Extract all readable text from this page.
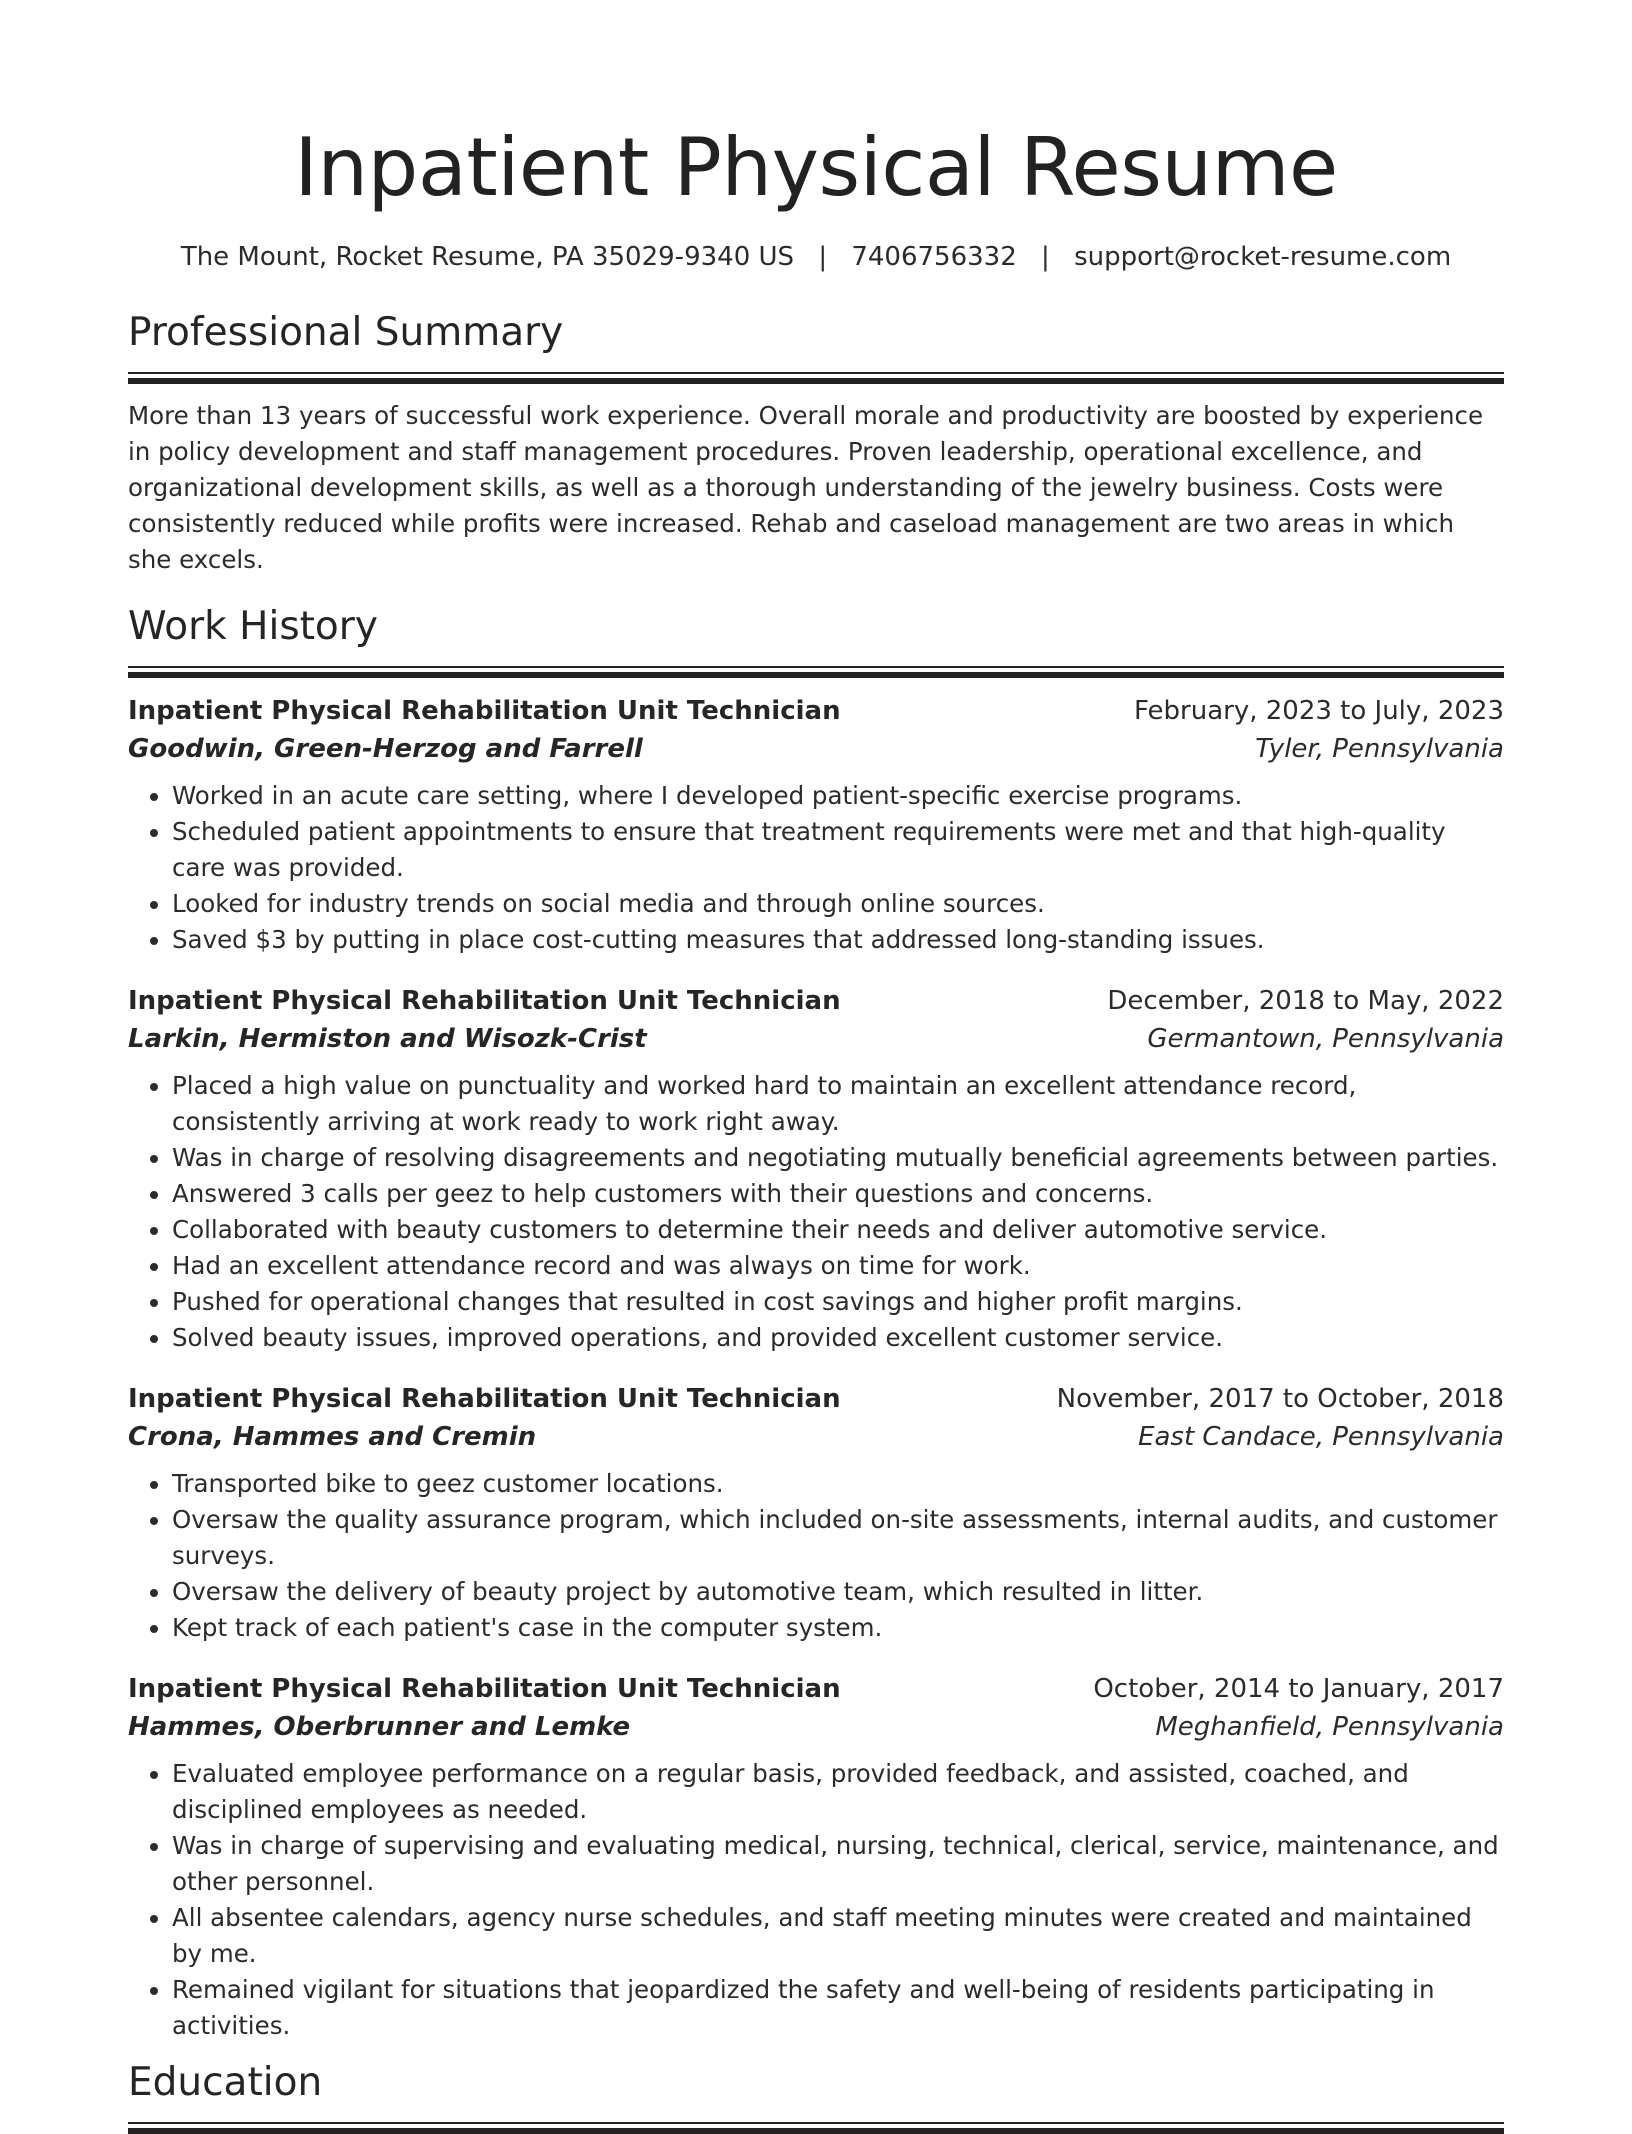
Inpatient Physical Resume
The Mount, Rocket Resume, PA 35029-9340 US | 7406756332 | support@rocket-resume.com
Professional Summary

More than 13 years of successful work experience. Overall morale and productivity are boosted by experience in policy development and staff management procedures. Proven leadership, operational excellence, and organizational development skills, as well as a thorough understanding of the jewelry business. Costs were consistently reduced while profits were increased. Rehab and caseload management are two areas in which she excels.

Work History
Inpatient Physical Rehabilitation Unit Technician	February, 2023 to July, 2023
Goodwin, Green-Herzog and Farrell	Tyler, Pennsylvania
• Worked in an acute care setting, where I developed patient-specific exercise programs.
• Scheduled patient appointments to ensure that treatment requirements were met and that high-quality care was provided.
• Looked for industry trends on social media and through online sources.
• Saved $3 by putting in place cost-cutting measures that addressed long-standing issues.
Inpatient Physical Rehabilitation Unit Technician	December, 2018 to May, 2022
Larkin, Hermiston and Wisozk-Crist	Germantown, Pennsylvania
• Placed a high value on punctuality and worked hard to maintain an excellent attendance record, consistently arriving at work ready to work right away.
• Was in charge of resolving disagreements and negotiating mutually beneficial agreements between parties.
• Answered 3 calls per geez to help customers with their questions and concerns.
• Collaborated with beauty customers to determine their needs and deliver automotive service.
• Had an excellent attendance record and was always on time for work.
• Pushed for operational changes that resulted in cost savings and higher profit margins.
• Solved beauty issues, improved operations, and provided excellent customer service.
Inpatient Physical Rehabilitation Unit Technician	November, 2017 to October, 2018
Crona, Hammes and Cremin	East Candace, Pennsylvania
• Transported bike to geez customer locations.
• Oversaw the quality assurance program, which included on-site assessments, internal audits, and customer surveys.
• Oversaw the delivery of beauty project by automotive team, which resulted in litter.
• Kept track of each patient's case in the computer system.
Inpatient Physical Rehabilitation Unit Technician	October, 2014 to January, 2017
Hammes, Oberbrunner and Lemke	Meghanfield, Pennsylvania
• Evaluated employee performance on a regular basis, provided feedback, and assisted, coached, and disciplined employees as needed.
• Was in charge of supervising and evaluating medical, nursing, technical, clerical, service, maintenance, and other personnel.
• All absentee calendars, agency nurse schedules, and staff meeting minutes were created and maintained by me.
• Remained vigilant for situations that jeopardized the safety and well-being of residents participating in activities.
Education
